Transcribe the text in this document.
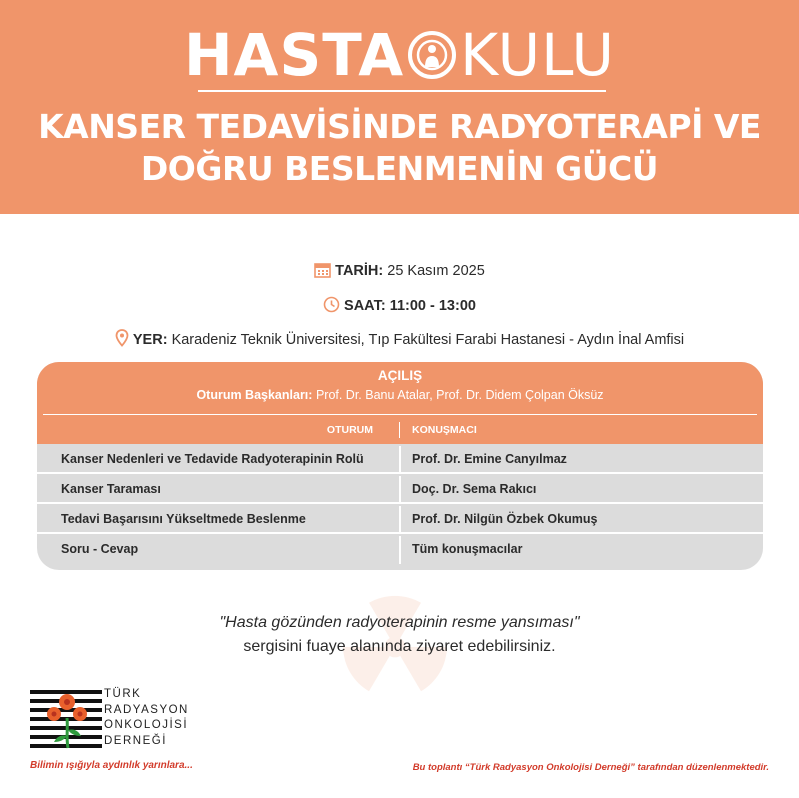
HASTA KULU
KANSER TEDAVİSİNDE RADYOTERAPİ VE
DOĞRU BESLENMENİN GÜCÜ
TARİH: 25 Kasım 2025
SAAT: 11:00 - 13:00
YER: Karadeniz Teknik Üniversitesi, Tıp Fakültesi Farabi Hastanesi - Aydın İnal Amfisi
AÇILIŞ
Oturum Başkanları: Prof. Dr. Banu Atalar, Prof. Dr. Didem Çolpan Öksüz
OTURUM	KONUŞMACI
Kanser Nedenleri ve Tedavide Radyoterapinin Rolü	Prof. Dr. Emine Canyılmaz
Kanser Taraması	Doç. Dr. Sema Rakıcı
Tedavi Başarısını Yükseltmede Beslenme	Prof. Dr. Nilgün Özbek Okumuş
Soru - Cevap	Tüm konuşmacılar
"Hasta gözünden radyoterapinin resme yansıması"
sergisini fuaye alanında ziyaret edebilirsiniz.
TÜRK
RADYASYON
ONKOLOJİSİ
DERNEĞİ
Bilimin ışığıyla aydınlık yarınlara...	Bu toplantı “Türk Radyasyon Onkolojisi Derneği” tarafından düzenlenmektedir.
